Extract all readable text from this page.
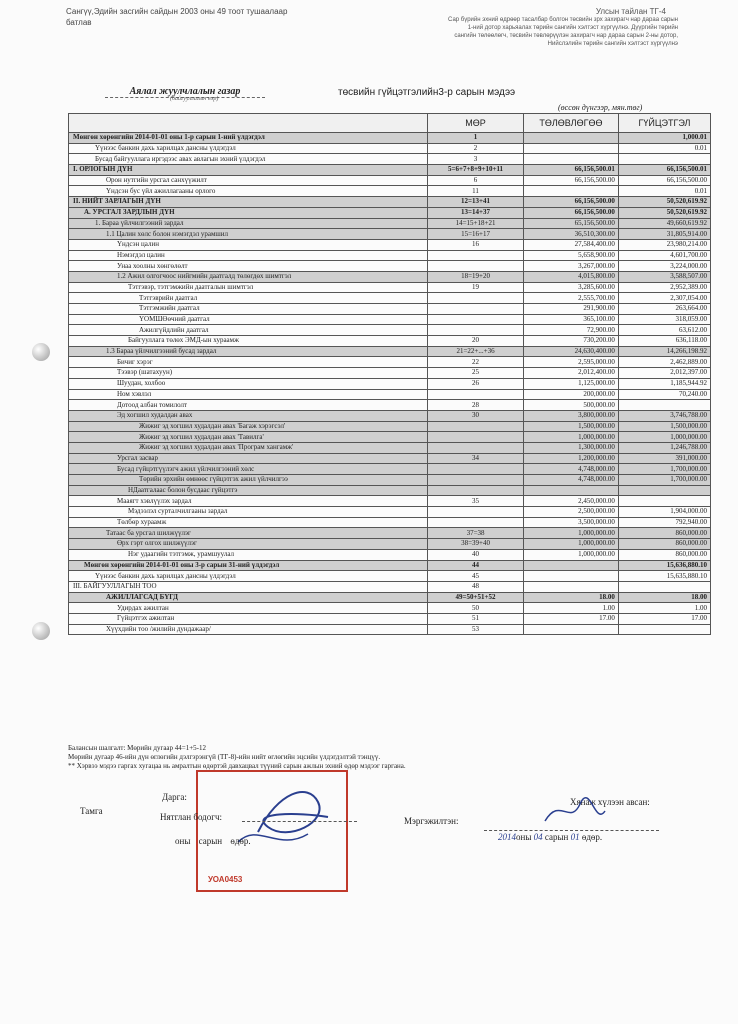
Сангүү,Эдийн засгийн сайдын 2003 оны 49 тоот тушаалаар
батлав
Улсын тайлан ТГ-4
Сар бүрийн эхний өдрөөр тасалбар болгон төсвийн зрх захирагч нар дараа сарын
1-ний дотор харьяалах төрийн сангийн хэлтэст хүргүүлнэ. Дүүргийн төрийн
сангийн төлөөлөгч, төсвийн төвлөрүүлэн захирагч нар дараа сарын 2-ны дотор,
Нийслэлийн төрийн сангийн хэлтэст хүргүүлнэ
Аялал жуулчлалын газар
(байгууллагын нэр)
төсвийн гүйцэтгэлийн3-р сарын мэдээ
(өссөн дүнгээр, мян.төг)
	МӨР	ТӨЛӨВЛӨГӨӨ	ГҮЙЦЭТГЭЛ
Мөнгөн хөрөнгийн 2014-01-01 оны 1-р сарын 1-ний үлдэгдэл	1		1,000.01
Үүнээс банкин дахь харилцах дансны үлдэгдэл	2		0.01
Бусад байгууллага иргэдээс авах авлагын эхний үлдэгдэл	3		
I. ОРЛОГЫН ДҮН	5=6+7+8+9+10+11	66,156,500.01	66,156,500.01
Орон нутгийн урсгал санхүүжилт	6	66,156,500.00	66,156,500.00
Үндсэн бус үйл ажиллагааны орлого	11		0.01
II. НИЙТ ЗАРЛАГЫН ДҮН	12=13+41	66,156,500.00	50,520,619.92
А. УРСГАЛ ЗАРДЛЫН ДҮН	13=14+37	66,156,500.00	50,520,619.92
1. Бараа үйлчилгээний зардал	14=15+18+21	65,156,500.00	49,660,619.92
1.1 Цалин хөлс болон нэмэгдэл урамшил	15=16+17	36,510,300.00	31,805,914.00
Үндсэн цалин	16	27,584,400.00	23,980,214.00
Нэмэгдэл цалин		5,658,900.00	4,601,700.00
Унаа хоолны хөнгөлөлт		3,267,000.00	3,224,000.00
1.2 Ажил олгогчоос нийгмийн даатгалд төлөгдөх шимтгэл	18=19+20	4,015,800.00	3,588,507.00
Тэтгэвэр, тэтгэмжийн даатгалын шимтгэл	19	3,285,600.00	2,952,389.00
Тэтгэврийн даатгал		2,555,700.00	2,307,054.00
Тэтгэмжийн даатгал		291,900.00	263,664.00
ҮОМШӨөчний даатгал		365,100.00	318,059.00
Ажилгүйдлийн даатгал		72,900.00	63,612.00
Байгууллага төлөх ЭМД-ын хураамж	20	730,200.00	636,118.00
1.3 Бараа үйлчилгээний бусад зардал	21=22+...+36	24,630,400.00	14,266,198.92
Бичиг хэрэг	22	2,595,000.00	2,462,889.00
Тээвэр (шатахуун)	25	2,012,400.00	2,012,397.00
Шуудан, холбоо	26	1,125,000.00	1,185,944.92
Ном хэвлэл		200,000.00	70,240.00
Дотоод албан томилолт	28	500,000.00	
Эд хогшил худалдан авах	30	3,800,000.00	3,746,788.00
Жижиг эд хогшил худалдан авах 'Багаж хэрэгсэл'		1,500,000.00	1,500,000.00
Жижиг эд хогшил худалдан авах 'Тавилга'		1,000,000.00	1,000,000.00
Жижиг эд хогшил худалдан авах 'Програм хангамж'		1,300,000.00	1,246,788.00
Урсгал засвар	34	1,200,000.00	391,000.00
Бусад гүйцэтгүүлэгч ажил үйлчилгээний хөлс		4,748,000.00	1,700,000.00
Төрийн эрхийн өмнөөс гүйцэтгэх ажил үйлчилгээ		4,748,000.00	1,700,000.00
НДаатгалаас болон бусдаас гүйцэтгэ			
Мааягт хэвлүүлэх зардал	35	2,450,000.00	
Мэдээлэл сурталчилгааны зардал		2,500,000.00	1,904,000.00
Төлбөр хураамж		3,500,000.00	792,940.00
Татаас ба урсгал шилжүүлэг	37=38	1,000,000.00	860,000.00
Өрх гэрт олгох шилжүүлэг	38=39+40	1,000,000.00	860,000.00
Нэг удаагийн тэтгэмж, урамшуулал	40	1,000,000.00	860,000.00
Мөнгөн хөрөнгийн 2014-01-01 оны 3-р сарын 31-ний үлдэгдэл	44		15,636,880.10
Үүнээс банкин дахь харилцах дансны үлдэгдэл	45		15,635,880.10
III. БАЙГУУЛЛАГЫН ТОО	48		
АЖИЛЛАГСАД БҮГД	49=50+51+52	18.00	18.00
Удирдах ажилтан	50	1.00	1.00
Гүйцэтгэх ажилтан	51	17.00	17.00
Хүүхдийн тоо /жилийн дундажаар/	53		
Балансын шалгалт: Мөрийн дугаар 44=1+5-12
Мөрийн дугаар 46-ийн дүн өглөгийн дэлгэрэнгүй (ТГ-8)-ийн нийт өглөгийн эцсийн үлдэгдэлтэй тэнцүү.
** Хэрвээ мэдээ гаргах хугацаа нь амралтын өдөртэй давхацвал түүний сарын ажлын эхний өдөр мэдээг гаргана.
УОА0453
Тамга
Дарга:
Нятглан бодогч:
оны сарын өдөр.
Хянаж хүлээн авсан:
Мэргэжилтэн:
2014оны 04 сарын 01 өдөр.
